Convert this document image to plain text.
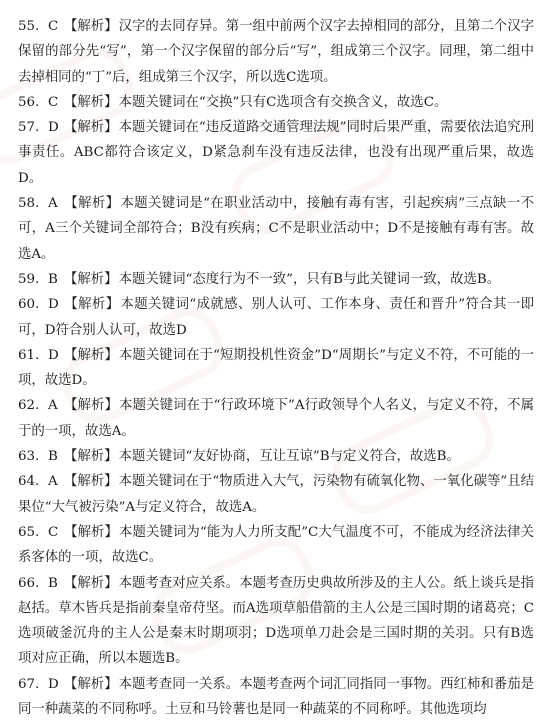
55. C 【解析】汉字的去同存异。第一组中前两个汉字去掉相同的部分，且第二个汉字保留的部分先“写”，第一个汉字保留的部分后“写”，组成第三个汉字。同理，第二组中去掉相同的“丁”后，组成第三个汉字，所以选C选项。

56. C 【解析】本题关键词在“交换”只有C选项含有交换含义，故选C。

57. D 【解析】本题关键词在“违反道路交通管理法规”同时后果严重，需要依法追究刑事责任。ABC都符合该定义，D紧急刹车没有违反法律，也没有出现严重后果，故选D。

58. A 【解析】本题关键词是“在职业活动中，接触有毒有害，引起疾病”三点缺一不可，A三个关键词全部符合；B没有疾病；C不是职业活动中；D不是接触有毒有害。故选A。

59. B 【解析】本题关键词“态度行为不一致”，只有B与此关键词一致，故选B。

60. D 【解析】本题关键词“成就感、别人认可、工作本身、责任和晋升”符合其一即可，D符合别人认可，故选D

61. D 【解析】本题关键词在于“短期投机性资金”D“周期长”与定义不符，不可能的一项，故选D。

62. A 【解析】本题关键词在于“行政环境下”A行政领导个人名义，与定义不符，不属于的一项，故选A。

63. B 【解析】本题关键词“友好协商，互让互谅”B与定义符合，故选B。

64. A 【解析】本题关键词在于“物质进入大气，污染物有硫氧化物、一氧化碳等”且结果位“大气被污染”A与定义符合，故选A。

65. C 【解析】本题关键词为“能为人力所支配”C大气温度不可，不能成为经济法律关系客体的一项，故选C。

66. B 【解析】本题考查对应关系。本题考查历史典故所涉及的主人公。纸上谈兵是指赵括。草木皆兵是指前秦皇帝苻坚。而A选项草船借箭的主人公是三国时期的诸葛亮；C选项破釜沉舟的主人公是秦末时期项羽；D选项单刀赴会是三国时期的关羽。只有B选项对应正确，所以本题选B。

67. D 【解析】本题考查同一关系。本题考查两个词汇同指同一事物。西红柿和番茄是同一种蔬菜的不同称呼。土豆和马铃薯也是同一种蔬菜的不同称呼。其他选项均
